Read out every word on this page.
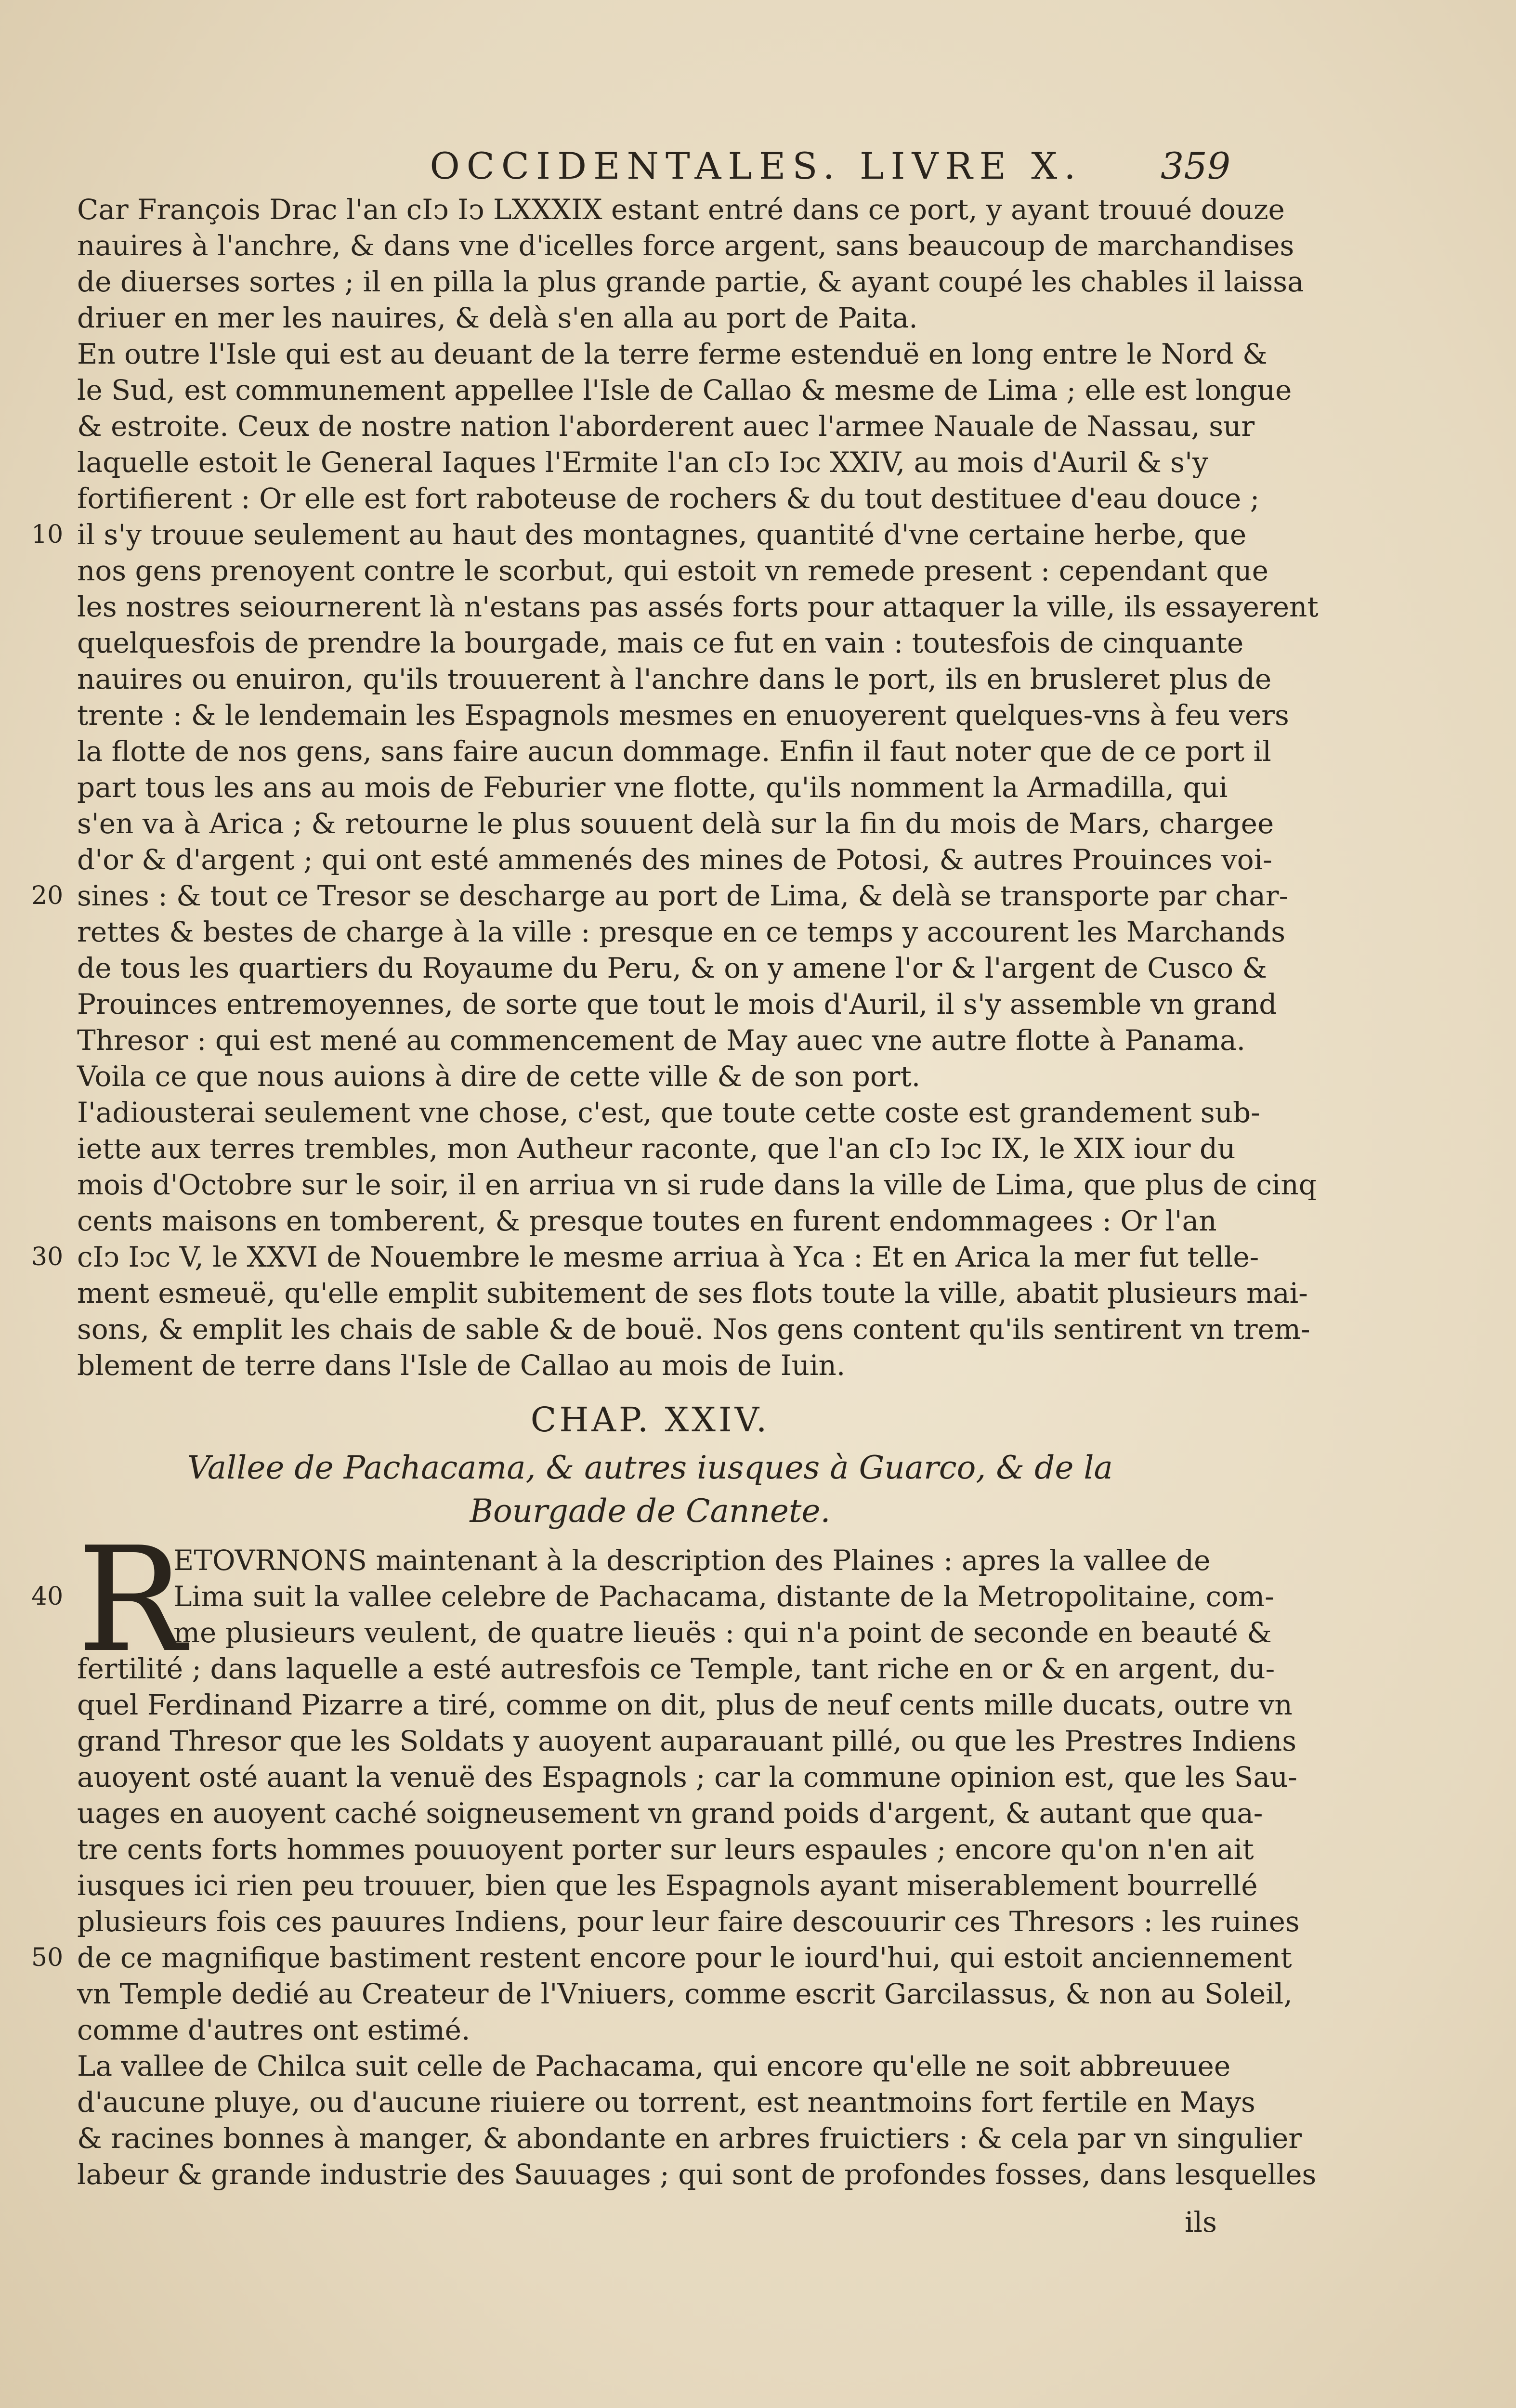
OCCIDENTALES. LIVRE X.	359
Car François Drac l'an cIↄ Iↄ LXXXIX estant entré dans ce port, y ayant trouué douze
nauires à l'anchre, & dans vne d'icelles force argent, sans beaucoup de marchandises
de diuerses sortes ; il en pilla la plus grande partie, & ayant coupé les chables il laissa
driuer en mer les nauires, & delà s'en alla au port de Paita.
En outre l'Isle qui est au deuant de la terre ferme estenduë en long entre le Nord &
le Sud, est communement appellee l'Isle de Callao & mesme de Lima ; elle est longue
& estroite. Ceux de nostre nation l'aborderent auec l'armee Nauale de Nassau, sur
laquelle estoit le General Iaques l'Ermite l'an cIↄ Iↄc XXIV, au mois d'Auril & s'y
fortifierent : Or elle est fort raboteuse de rochers & du tout destituee d'eau douce ;
10 il s'y trouue seulement au haut des montagnes, quantité d'vne certaine herbe, que
nos gens prenoyent contre le scorbut, qui estoit vn remede present : cependant que
les nostres seiournerent là n'estans pas assés forts pour attaquer la ville, ils essayerent
quelquesfois de prendre la bourgade, mais ce fut en vain : toutesfois de cinquante
nauires ou enuiron, qu'ils trouuerent à l'anchre dans le port, ils en brusleret plus de
trente : & le lendemain les Espagnols mesmes en enuoyerent quelques-vns à feu vers
la flotte de nos gens, sans faire aucun dommage. Enfin il faut noter que de ce port il
part tous les ans au mois de Feburier vne flotte, qu'ils nomment la Armadilla, qui
s'en va à Arica ; & retourne le plus souuent delà sur la fin du mois de Mars, chargee
d'or & d'argent ; qui ont esté ammenés des mines de Potosi, & autres Prouinces voi-
20 sines : & tout ce Tresor se descharge au port de Lima, & delà se transporte par char-
rettes & bestes de charge à la ville : presque en ce temps y accourent les Marchands
de tous les quartiers du Royaume du Peru, & on y amene l'or & l'argent de Cusco &
Prouinces entremoyennes, de sorte que tout le mois d'Auril, il s'y assemble vn grand
Thresor : qui est mené au commencement de May auec vne autre flotte à Panama.
Voila ce que nous auions à dire de cette ville & de son port.
I'adiousterai seulement vne chose, c'est, que toute cette coste est grandement sub-
iette aux terres trembles, mon Autheur raconte, que l'an cIↄ Iↄc IX, le XIX iour du
mois d'Octobre sur le soir, il en arriua vn si rude dans la ville de Lima, que plus de cinq
cents maisons en tomberent, & presque toutes en furent endommagees : Or l'an
30 cIↄ Iↄc V, le XXVI de Nouembre le mesme arriua à Yca : Et en Arica la mer fut telle-
ment esmeuë, qu'elle emplit subitement de ses flots toute la ville, abatit plusieurs mai-
sons, & emplit les chais de sable & de bouë. Nos gens content qu'ils sentirent vn trem-
blement de terre dans l'Isle de Callao au mois de Iuin.
CHAP. XXIV.
Vallee de Pachacama, & autres iusques à Guarco, & de la
Bourgade de Cannete.
R
ETOVRNONS maintenant à la description des Plaines : apres la vallee de
40	Lima suit la vallee celebre de Pachacama, distante de la Metropolitaine, com-
me plusieurs veulent, de quatre lieuës : qui n'a point de seconde en beauté &
fertilité ; dans laquelle a esté autresfois ce Temple, tant riche en or & en argent, du-
quel Ferdinand Pizarre a tiré, comme on dit, plus de neuf cents mille ducats, outre vn
grand Thresor que les Soldats y auoyent auparauant pillé, ou que les Prestres Indiens
auoyent osté auant la venuë des Espagnols ; car la commune opinion est, que les Sau-
uages en auoyent caché soigneusement vn grand poids d'argent, & autant que qua-
tre cents forts hommes pouuoyent porter sur leurs espaules ; encore qu'on n'en ait
iusques ici rien peu trouuer, bien que les Espagnols ayant miserablement bourrellé
plusieurs fois ces pauures Indiens, pour leur faire descouurir ces Thresors : les ruines
50 de ce magnifique bastiment restent encore pour le iourd'hui, qui estoit anciennement
vn Temple dedié au Createur de l'Vniuers, comme escrit Garcilassus, & non au Soleil,
comme d'autres ont estimé.
La vallee de Chilca suit celle de Pachacama, qui encore qu'elle ne soit abbreuuee
d'aucune pluye, ou d'aucune riuiere ou torrent, est neantmoins fort fertile en Mays
& racines bonnes à manger, & abondante en arbres fruictiers : & cela par vn singulier
labeur & grande industrie des Sauuages ; qui sont de profondes fosses, dans lesquelles
ils
